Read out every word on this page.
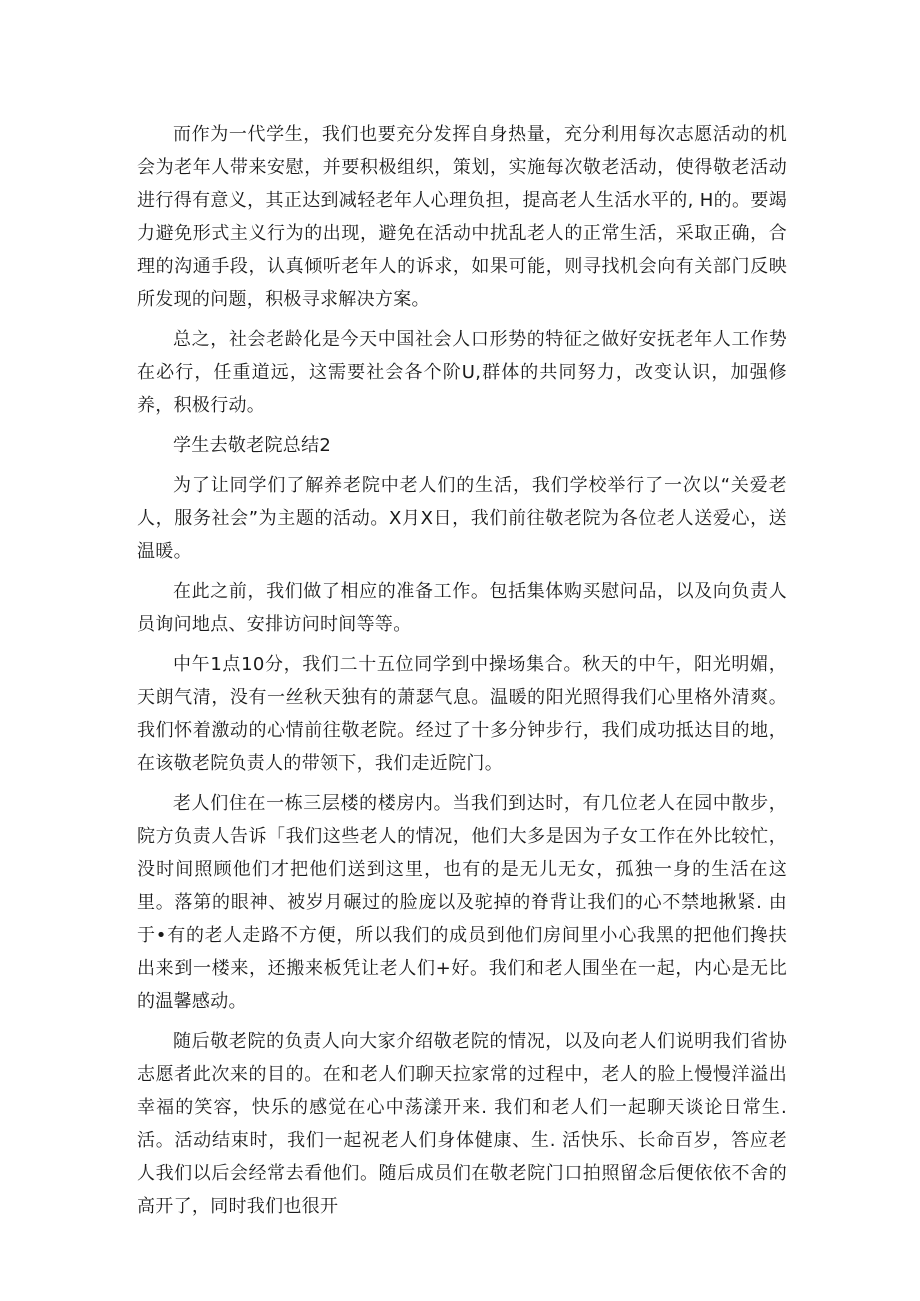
而作为一代学生，我们也要充分发挥自身热量，充分利用每次志愿活动的机会为老年人带来安慰，并要积极组织，策划，实施每次敬老活动，使得敬老活动进行得有意义，其正达到减轻老年人心理负担，提高老人生活水平的, H的。要竭力避免形式主义行为的出现，避免在活动中扰乱老人的正常生活，采取正确，合理的沟通手段，认真倾听老年人的诉求，如果可能，则寻找机会向有关部门反映所发现的问题，积极寻求解决方案。

总之，社会老龄化是今天中国社会人口形势的特征之做好安抚老年人工作势在必行，任重道远，这需要社会各个阶U,群体的共同努力，改变认识，加强修养，积极行动。

学生去敬老院总结2

为了让同学们了解养老院中老人们的生活，我们学校举行了一次以“关爱老人，服务社会”为主题的活动。X月X日，我们前往敬老院为各位老人送爱心，送温暖。

在此之前，我们做了相应的准备工作。包括集体购买慰问品，以及向负责人员询问地点、安排访问时间等等。

中午1点10分，我们二十五位同学到中操场集合。秋天的中午，阳光明媚，天朗气清，没有一丝秋天独有的萧瑟气息。温暖的阳光照得我们心里格外清爽。我们怀着激动的心情前往敬老院。经过了十多分钟步行，我们成功抵达目的地，在该敬老院负责人的带领下，我们走近院门。

老人们住在一栋三层楼的楼房内。当我们到达时，有几位老人在园中散步，院方负责人告诉「我们这些老人的情况，他们大多是因为子女工作在外比较忙，没时间照顾他们才把他们送到这里，也有的是无儿无女，孤独一身的生活在这里。落第的眼神、被岁月碾过的脸庞以及驼掉的脊背让我们的心不禁地揪紧. 由于•有的老人走路不方便，所以我们的成员到他们房间里小心我黑的把他们搀扶出来到一楼来，还搬来板凭让老人们+好。我们和老人围坐在一起，内心是无比的温馨感动。

随后敬老院的负责人向大家介绍敬老院的情况，以及向老人们说明我们省协志愿者此次来的目的。在和老人们聊天拉家常的过程中，老人的脸上慢慢洋溢出幸福的笑容，快乐的感觉在心中荡漾开来. 我们和老人们一起聊天谈论日常生. 活。活动结束时，我们一起祝老人们身体健康、生. 活快乐、长命百岁，答应老人我们以后会经常去看他们。随后成员们在敬老院门口拍照留念后便依依不舍的高开了，同时我们也很开
